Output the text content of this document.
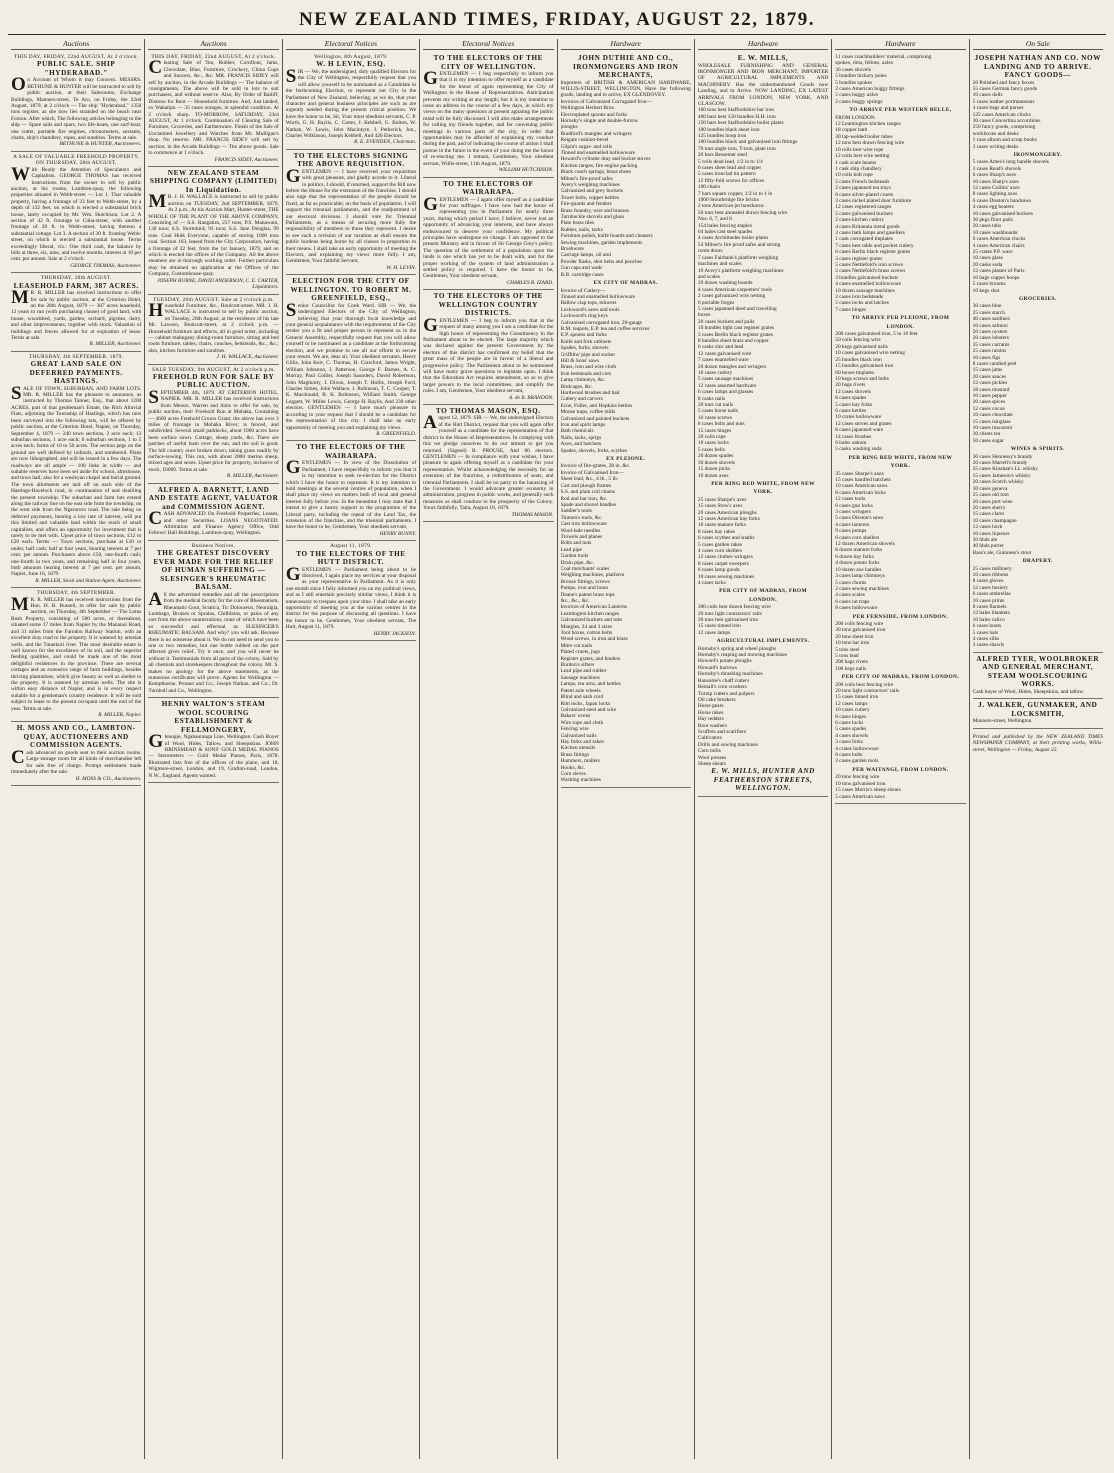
NEW ZEALAND TIMES, FRIDAY, AUGUST 22, 1879.
Auctions
THIS DAY, FRIDAY, 22nd AUGUST, At 2 o'clock.
PUBLIC SALE. SHIP "HYDERABAD."

On Account of Whom it may Concern. MESSRS. BETHUNE & HUNTER will be instructed to sell by public auction, at their Salerooms, Exchange Buildings, Manners-street, Te Aro, on Friday, the 22nd August, 1879, at 2 o'clock — The ship "Hyderabad," 1350 tons register, as she now lies stranded on the beach near Foxton. After which, The following articles belonging to the ship — Spare sails and spars, two life-boats, one surf-boat, one cutter, portable fire engines, chronometers, sextants, charts, ship's chandlery, ropes, and sundries. Terms at sale.

BETHUNE & HUNTER, Auctioneers.
A SALE OF VALUABLE FREEHOLD PROPERTY, ON THURSDAY, 28th AUGUST,

With Ready the Attention of Speculators and Capitalists. GEORGE THOMAS has received instructions from the owner to sell by public auction, at his rooms, Lambton-quay, the following properties situated in Webb-street — Lot 1. That valuable property, having a frontage of 33 feet to Webb-street, by a depth of 132 feet, on which is erected a substantial brick house, lately occupied by Mr. Wm. Hutchison. Lot 2. A section of 42 ft. frontage to Cuba-street, with another frontage of 20 ft. to Webb-street, having thereon a substantial cottage. Lot 3. A section of 30 ft. fronting Webb-street, on which is erected a substantial house. Terms exceedingly liberal, viz.: One third cash, the balance by bills at three, six, nine, and twelve months, interest at 10 per cent. per annum. Sale at 2 o'clock.

GEORGE THOMAS, Auctioneer.
THURSDAY, 28th AUGUST.
LEASEHOLD FARM, 387 ACRES.

M R. R. MILLER has received instructions to offer for sale by public auction, at the Criterion Hotel, on the 28th August, 1879 — 387 acres leasehold, 12 years to run (with purchasing clause) of good land, with house, woodshed, yards, garden, orchard, pigsties, dairy, and other improvements; together with stock. Valuation of buildings and fences allowed for at expiration of lease. Terms at sale.

R. MILLER, Auctioneer.
THURSDAY, 4th SEPTEMBER, 1879.
GREAT LAND SALE ON DEFERRED PAYMENTS. HASTINGS.

SALE OF TOWN, SUBURBAN, AND FARM LOTS. MR. R. MILLER has the pleasure to announce, as instructed by Thomas Tanner, Esq., that about 1200 ACRES, part of that gentleman's Estate, the Rich Alluvial Flats, adjoining the Township of Hastings, which has now been surveyed into the following lots, will be offered by public auction, at the Criterion Hotel, Napier, on Thursday, September 4, 1879 — 240 town sections, 2 acre each; 13 suburban sections, 1 acre each; 6 suburban sections, 1 to 5 acres each; farms of 10 to 50 acres. The section pegs on the ground are well defined by iodinols, and numbered. Plans are now lithographed, and will be issued in a few days. The roadways are all ample — 100 links in width — and suitable reserves have been set aside for school, almshouse, and town hall; also for a wesleyan chapel and burial ground. The town allotments are laid off on each side of the Hastings-Havelock road, in continuation of and doubling the present township. The suburban and farm lots extend along the railway line on the east side from the township, on the west side from the Ngaruroro road. The sale being on deferred payments, bearing a low rate of interest, will put this limited and valuable land within the reach of small capitalists, and offers an opportunity for investment that is rarely to be met with. Upset price of town sections, £12 to £20 each. Terms — Town sections, purchase at £10 or under, half cash; half at four years, bearing interest at 7 per cent. per annum. Purchasers above £50, one-fourth cash; one-fourth in two years, and remaining half in four years, both amounts bearing interest at 7 per cent. per annum. Napier, June 16, 1879.

R. MILLER, Stock and Station Agent, Auctioneer.
THURSDAY, 4th SEPTEMBER.

M R. R. MILLER has received instructions from the Hon. H. R. Russell, to offer for sale by public auction, on Thursday, 4th September — The Lotus Bush Property, consisting of 500 acres, or thereabout, situated some 17 miles from Napier by the Mananui Road, and 31 miles from the Farndon Railway Station, with an excellent dray road to the property. It is watered by artesian wells, and the Tutaekuri river. This most desirable estate is well known for the excellence of its soil, and the superior feeding qualities, and could be made one of the most delightful residences in the province. There are several cottages and an extensive range of farm buildings, besides thriving plantations, which give beauty as well as shelter to the property. It is watered by artesian wells. The site is within easy distance of Napier, and is in every respect suitable for a gentleman's country residence. It will be sold subject to lease to the present occupant until the end of the year. Terms at sale.

R. MILLER, Napier.
H. MOSS AND CO., LAMBTON-QUAY, AUCTIONEERS AND COMMISSION AGENTS.

Cash advanced on goods sent to their auction rooms. Large storage room for all kinds of merchandise left for sale free of charge. Prompt settlement made immediately after the sale.

H. MOSS & CO., Auctioneers.
Auctions
THIS DAY, FRIDAY, 22nd AUGUST, At 2 o'clock.

Clearing Sale of Tea, Rubber, Cornflour, Jams, Chocolate, Blue, Furniture, Crockery, China Cups and Saucers, &c., &c. MR. FRANCIS SIDEY will sell by auction, in the Arcade Buildings — The balance of consignments. The above will be sold in lots to suit purchasers, and without reserve. Also, By Order of Bailiff, Distress for Rent — Household furniture. And, Just landed, ex Wakatipu — 35 cases oranges, in splendid condition. At 2 o'clock sharp. TO-MORROW, SATURDAY, 23rd AUGUST, At 1 o'clock. Continuation of Clearing Sale of Furniture, Groceries, and Earthenware. Finish of the Sale of Unclaimed Jewellery and Watches from Mr. Mulligan's shop. No reserve. MR. FRANCIS SIDEY will sell by auction, in the Arcade Buildings — The above goods. Sale to commence at 1 o'clock.

FRANCIS SIDEY, Auctioneer.
NEW ZEALAND STEAM SHIPPING COMPANY (LIMITED) In Liquidation.

M R. J. H. WALLACE is instructed to sell by public auction on TUESDAY, 2nd SEPTEMBER, 1879, At 2 p.m., At his Auction Mart, Hunter-street, THE WHOLE OF THE PLANT OF THE ABOVE COMPANY, Consisting of — S.S. Rangatira, 237 tons; P.S. Manawatu, 130 tons; S.S. Stormbird, 93 tons; S.S. Jane Douglas, 99 tons. Coal Hulk Everyone, capable of storing 1000 tons coal. Section 163, leased from the City Corporation, having a frontage of 22 feet, from the 1st January, 1879, and on which is erected the offices of the Company. All the above steamers are in thorough working order. Further particulars may be obtained on application at the Offices of the Company, Customhouse-quay.

JOSEPH BURNE, DAVID ANDERSON, C. E. CARTER, Liquidators.
TUESDAY, 26th AUGUST. Sale at 2 o'clock p.m.

Household Furniture, &c., Boulcott-street. MR. J. H. WALLACE is instructed to sell by public auction, on Tuesday, 26th August, at the residence of his late Mr. Lawson, Boulcott-street, at 2 o'clock p.m. — Household furniture and effects, all in good order, including — cabinet mahogany dining-room furniture, sitting and bed room furniture, tables, chairs, couches, bedsteads, &c., &c.; also, kitchen furniture and sundries.

J. H. WALLACE, Auctioneer.
SALE TUESDAY, 9th AUGUST, At 2 o'clock p.m.
FREEHOLD RUN FOR SALE BY PUBLIC AUCTION.

SEPTEMBER 4th, 1879. AT CRITERION HOTEL, NAPIER. MR. R. MILLER has received instructions from Messrs. Warren and Sims to offer for sale, by public auction, their Freehold Run at Mohaka, Containing — 4600 acres Freehold Crown Grant; the above has over 3 miles of frontage to Mohaka River; is fenced, and subdivided. Several small paddocks, about 1000 acres have been surface sown. Cottage, sheep yards, &c. There are patches of useful bush over the run, and the soil is good. The hill country once broken down, taking grass readily by surface-sowing. This run, with about 2000 merino sheep, mixed ages and sexes. Upset price for property, inclusive of stock, £6000. Terms at sale.

R. MILLER, Auctioneer.
ALFRED A. BARNETT, LAND AND ESTATE AGENT, VALUATOR and COMMISSION AGENT.

CASH ADVANCED On Freehold Properties, Leases, and other Securities. LOANS NEGOTIATED. Arbitration and Finance Agency Office, Odd Fellows' Hall Buildings, Lambton-quay, Wellington.

Business Notices.
THE GREATEST DISCOVERY EVER MADE FOR THE RELIEF OF HUMAN SUFFERING — SLESINGER'S RHEUMATIC BALSAM.

All the advertised remedies and all the prescriptions from the medical faculty for the cure of Rheumatism, Rheumatic Gout, Sciatica, Tic Doloureux, Neuralgia, Lumbago, Bruises or Sprains, Chilblains, or pains of any sort from the above enumerations, none of which have been so successful and effectual as SLESINGER'S RHEUMATIC BALSAM. And why? you will ask. Because there is no nonsense about it. We do not need to send you to one or two remedies, but one bottle rubbed on the part affected gives relief. Try it once, and you will never be without it. Testimonials from all parts of the colony. Sold by all chemists and storekeepers throughout the colony. Mr. S. makes no apology for the above statements, as the numerous certificates will prove. Agents for Wellington — Kempthorne, Prosser and Co.; Joseph Nathan, and Co.; Dr. Turnbull and Co., Wellington.

HENRY WALTON'S STEAM WOOL SCOURING ESTABLISHMENT & FELLMONGERY,

Glenogie, Ngahauranga Line, Wellington. Cash Buyer of Wool, Hides, Tallow, and Sheepskins. JOHN BRINSMEAD & SONS' GOLD MEDAL PIANOS — Sterometers — Gold Medal Pianos, Paris, 1878. Illustrated lists free of the offices of the piano, and 18, Wigmore-street, London, and 19, Grafton-road, London, N.W., England. Agents wanted.

Electoral Notices
Wellington, 8th August, 1879.
W. H LEVIN, ESQ.

SIR — We, the undersigned, duly qualified Electors for the City of Wellington, respectfully request that you will allow yourself to be nominated as a Candidate in the forthcoming Election, to represent our City in the Parliament of New Zealand, believing, as we do, that your character and general business principles are such as are urgently needed during the present critical position. We have the honor to be, Sir, Your most obedient servants, C. P. Worth, G. H. Baylis, C. Carter, J. Kebbell, G. Bolton, W. Nathan, W. Lewis, John Macintyre, J. Petherick, Jun., Charles Wilkinson, Joseph Kebbell, And 426 Electors.

B. E. EVENDEN, Chairman.
TO THE ELECTORS SIGNING THE ABOVE REQUISITION.

GENTLEMEN — I have received your requisition with great pleasure, and gladly accede to it. Liberal in politics, I should, if returned, support the Bill now before the House for the extension of the franchise. I should also urge that the representation of the people should be fixed, as far as practicable, on the basis of population. I will support the triennial parliaments, and the readjustment of our electoral divisions. I should vote for Triennial Parliaments, as a means of securing more fully the responsibility of members to those they represent. I desire to see such a revision of our taxation as shall ensure the public burdens being borne by all classes in proportion to their means. I shall take an early opportunity of meeting the Electors, and explaining my views more fully. I am, Gentlemen, Your faithful Servant,

W. H. LEVIN.
ELECTION FOR THE CITY OF WELLINGTON. TO ROBERT M. GREENFIELD, ESQ.,

Senior Councillor for Cook Ward. SIR — We, the undersigned Electors of the City of Wellington, believing that your thorough local knowledge and your general acquaintance with the requirements of the City render you a fit and proper person to represent us in the General Assembly, respectfully request that you will allow yourself to be nominated as a candidate at the forthcoming election, and we promise to use all our efforts to secure your return. We are, dear sir, Your obedient servants, Henry Gillis, John Kerr, C. Thomas, H. Crawford, James Wright, William Johnston, J. Patterson, George F. Barnes, A. C. Murray, Paul Collier, Joseph Saunders, David Robertson, John Maginnity, J. Dixon, Joseph T. Hollis, Joseph Ford, Charles Simes, John Wallace, J. Robinson, T. C. Cooper, T. K. Macdonald, R. K. Robinson, William Smith, George Leggett, W. Miller Lewis, George H. Baylis, And 230 other electors. GENTLEMEN — I have much pleasure in according to your request that I should be a candidate for the representation of this city. I shall take an early opportunity of meeting you and explaining my views.

R. GREENFIELD.
TO THE ELECTORS OF THE WAIRARAPA.

GENTLEMEN — In view of the Dissolution of Parliament, I have respectfully to inform you that it is my intention to seek re-election for the District which I have the honor to represent. It is my intention to hold meetings at the several centres of population, when I shall place my views on matters both of local and general interest fully before you. In the meantime I may state that I intend to give a hearty support to the programme of the Liberal party, including the repeal of the Land Tax, the extension of the franchise, and the triennial parliaments. I have the honor to be, Gentlemen, Your obedient servant,

HENRY BUNNY.
August 11, 1879.
TO THE ELECTORS OF THE HUTT DISTRICT.

GENTLEMEN — Parliament being about to be dissolved, I again place my services at your disposal as your representative in Parliament. As it is only one month since I fully informed you on my political views, and as I still entertain precisely similar views, I think it is unnecessary to trespass upon your time. I shall take an early opportunity of meeting you at the various centres in the district for the purpose of discussing all questions. I have the honor to be, Gentlemen, Your obedient servant, The Hutt, August 11, 1879.

HENRY JACKSON.
Electoral Notices
TO THE ELECTORS OF THE CITY OF WELLINGTON.

GENTLEMEN — I beg respectfully to inform you that it is my intention to offer myself as a candidate for the honor of again representing the City of Wellington in the House of Representatives. Anticipation prevents my writing at any length; but it is my intention to issue an address in the course of a few days, in which my views on the many questions at present agitating the public mind will be fully discussed. I will also make arrangements for calling my friends together, and for convening public meetings in various parts of the city, in order that opportunities may be afforded of explaining my conduct during the past, and of indicating the course of action I shall pursue in the future in the event of your doing me the honor of re-electing me. I remain, Gentlemen, Your obedient servant, Willis-street, 11th August, 1879.

WILLIAM HUTCHISON.
TO THE ELECTORS OF WAIRARAPA.

GENTLEMEN — I again offer myself as a candidate for your suffrages. I have now had the honor of representing you in Parliament for nearly three years, during which period I have, I believe, never lost an opportunity of advancing your interests, and have always endeavoured to deserve your confidence. My political principles have undergone no change. I am opposed to the present Ministry and in favour of Sir George Grey's policy. The question of the settlement of a population upon the lands is one which has yet to be dealt with, and for the proper working of the system of land administration a settled policy is required. I have the honor to be, Gentlemen, Your obedient servant,

CHARLES R. IZARD.
TO THE ELECTORS OF THE WELLINGTON COUNTRY DISTRICTS.

GENTLEMEN — I beg to inform you that at the request of many among you I am a candidate for the high honor of representing the Constituency in the Parliament about to be elected. The large majority which was declared against the present Government by the electors of this district has confirmed my belief that the great mass of the people are in favour of a liberal and progressive policy. The Parliament about to be summoned will have many grave questions to legislate upon. I think that the Education Act requires amendment, so as to give larger powers to the local committees, and simplify the rules. I am, Gentlemen, Your obedient servant,

A. de B. BRANDON.
TO THOMAS MASON, ESQ.

August 12, 1879. SIR — We, the undersigned Electors of the Hutt District, request that you will again offer yourself as a candidate for the representation of that district in the House of Representatives. In complying with this we pledge ourselves to do our utmost to get you returned. (Signed) R. PROUSE, And 80 electors. GENTLEMEN — In compliance with your wishes, I have pleasure in again offering myself as a candidate for your representation. Whilst acknowledging the necessity for an extension of the franchise, a redistribution of seats, and triennial Parliaments, I shall be no party to the harassing of the Government. I would advocate greater economy in administration, progress in public works, and generally such measures as shall conduce to the prosperity of the Colony. Yours faithfully, Taita, August 18, 1879.

THOMAS MASON.
Hardware
JOHN DUTHIE AND CO., IRONMONGERS AND IRON MERCHANTS,

Importers of BRITISH & AMERICAN HARDWARE, WILLIS-STREET, WELLINGTON, Have the following goods, landing and to arrive, EX GLENDOVEY.

Invoices of Galvanized Corrugated Iron—
Wellington Herbert Bros.
Electroplated spoons and forks
Hornsby's single and double-furrow
ploughs
Bradford's mangles and wringers
Reigate cushion-bevel
Gilpin's sugar- and rolls
Tinned and enamelled hollowware
Howard's cylinder dray and bucket stoves
Kitchen ranges, fire engine packing
Black coach springs, brass shoes
Milner's fire-proof safes
Avery's weighing machines
Galvanized and grey buckets
Tower bolts, copper kettles
Fire-guards and fenders
Brass foundry, wire and brasses
Turnbuckle shovels and glass
Plate brass tiles
Rubber, nails, tacks
Furniture polish, knife boards and cleaners
Sewing machines, garden implements
Brushware
Carriage lamps, oil and
Powder flasks, shot belts and pouches
Gun caps and wads
B.B. cartridge cases
EX CITY OF MADRAS.
Invoice of Cutlery—
Tinned and enamelled hollowware
Ballow clap tops, mincers
Lockwood's saws and tools
Lockwood's ring keys
Galvanised corrugated iron, 26-gauge
B.M. teapots, E.P. tea and coffee services
E.P. spoons and forks
Knife and fork cabinets
Spades, forks, shovels
Griffiths' pipe and socket
Hill & Sons' saws
Brass, iron and wire cloth
Iron bedsteads and cots
Lamp chimneys, &c.
Birdcages, &c.
Hardwood brushes and hair
Cutlery and carvers
Ecoe, Fuller, and Hopkins kettles
Mouse traps, coffee mills
Galvanized and painted buckets
Iron and spirit lamps
Bath chemicals
Nails, tacks, sprigs
Axes, and hatchets
Spades, shovels, forks, scythes
EX PLEIONE.
Invoice of fire-grates, 28 in. &c.
Invoice of Galvanised Iron—
Sheet lead, &c., 4 lb., 5 lb.
Cart and plough frames
S.S. and plain coil chains
Rod and bar iron, &c.
Spade and shovel handles
Saddler's tools
Tinmen's tools, &c.
Cast iron hollowware
Wool-bale needles
Trowels and planes
Bolts and nuts
Lead pipe
Garden tools
Drain pipe, &c.
Coal merchants' scales
Weighing machines, platform
Bronze fittings, screws
Pumps, iron and brass
Deane's patent brass tops
&c., &c., &c.
Invoices of American Lanterns
Leamington kitchen ranges
Galvanized buckets and tubs
Mangles, 24 and 3 sizes
Tool boxes, cotton bolts
Wood screws, in iron and brass
Mitre cut nails
Plated cruets, jugs
Register grates, and fenders
Burdon's sifters
Lead pipe and rubber
Sausage machines
Lamps, tea urns, and kettles
Patent axle wheels
Blind and sash cord
Rim locks, Japan locks
Galvanized steel and wire
Bakers' ovens
Wire rope and cloth
Fencing wire
Galvanized nails
Hay forks and rakes
Kitchen utensils
Brass fittings
Hammers, mallets
Hooks, &c.
Corn sieves
Washing machines
Hardware
E. W. MILLS,

WHOLESALE FURNISHING AND GENERAL IRONMONGER AND IRON MERCHANT, IMPORTER OF AGRICULTURAL IMPLEMENTS AND MACHINERY. Has the undermentioned Goods now Landing, and to Arrive. NOW LANDING, EX LATEST ARRIVALS FROM LONDON, NEW YORK, AND GLASGOW.

160 tons best Staffordshire bar iron
400 bars best 150 bundles H.H. iron
150 bars best Staffordshire boiler plates
100 bundles black sheet iron
125 bundles hoop iron
100 bundles black and galvanised iron fittings
70 tons angle iron, T-iron, plate iron
20 bars Bessemer steel
5 coils dead lead, 1/2 in to 1/4
6 cases sheet lead and copper
5 cases ironclad tin pattern
12 fifty-fold screws for offices
100 chairs
7 bars square copper, 1/2 in to 1 in
1000 Stourbridge fire bricks
2 tons American jet hawthorns
50 tons best annealed drawn fencing wire
Nos. 6, 7, and 8
154 bales fencing staples
64 bales cast steel spades
4 cases Archimedes boiler plates
54 Milner's fire proof safes and strong
room doors
7 cases Fairbank's platform weighing
machines and scales
10 Avery's platform weighing machines
and scales
20 dozen washing boards
4 cases American carpenters' tools
2 cases galvanized wire netting
6 portable forges
5 cases japanned deed and travelling
boxes
20 cases buckets and pails
10 bundles light cast register grates
3 cases Berlin black register grates
8 bundles sheet brass and copper
6 casks zinc and lead
12 cases galvanised wire
7 cases enamelled ware
20 dozen mangles and wringers
10 cases cutlery
5 cases sausage machines
12 cases assorted hardware
6 cases lamps and glasses
8 casks nails
20 tons cut nails
5 cases horse nails
10 cases screws
8 cases bolts and nuts
15 cases hinges
20 coils rope
10 cases locks
5 cases bells
20 dozen spades
30 dozen shovels
15 dozen picks
10 dozen axes
PER RING RED WHITE, FROM NEW
YORK.
25 cases Sharpe's axes
15 cases Stow's axes
20 cases American ploughs
12 cases American hay forks
10 cases manure forks
8 cases hay rakes
6 cases scythes and snaths
5 cases garden rakes
4 cases corn shellers
12 cases clothes wringers
8 cases carpet sweepers
6 cases lamp goods
10 cases sewing machines
4 cases tacks
PER CITY OF MADRAS, FROM
LONDON.
300 coils best drawn fencing wire
20 tons light contractors' rails
30 tons best galvanised iron
15 cases tinned iron
12 cases lamps
AGRICULTURAL IMPLEMENTS.
Hornsby's spring and wheel ploughs
Hornsby's reaping and mowing machines
Howard's potato ploughs
Howard's harrows
Hornsby's thrashing machines
Ransome's chaff cutters
Bentall's corn crushers
Turnip cutters and pulpers
Oil cake breakers
Horse gears
Horse rakes
Hay tedders
Root washers
Scuffers and scarifiers
Cultivators
Drills and sowing machines
Corn mills
Wool presses
Sheep shears
E. W. MILLS, HUNTER AND FEATHERSTON STREETS, WELLINGTON.
Hardware
11 cases coachbuilders' material, comprising
spokes, rims, felloes, axles
36 cases shovels
5 bundles hickory poles
5 bundles spokes
2 cases American buggy fittings
5 cases buggy axles
2 cases buggy springs
TO ARRIVE PER WESTERN BELLE,
FROM LONDON.
12 Leamington kitchen ranges
18 copper bath
30 lap-welded boiler tubes
12 tons best drawn fencing wire
10 rolls best wire rope
12 coils best wire netting
1 cask scale beams
1 cask ship chandlery
10 coils bolt rope
5 cases French bedsteads
2 cases japanned tea trays
6 cases silver-plated cruets
3 cases nickel plated door furniture
12 cases registered ranges
5 cases galvanised buckets
2 cases kitchen cutlery
4 cases Britannia metal goods
3 cases bath lamps and gaseliers
1 cask corrugated tinplates
7 cases best table and pocket cutlery
6 cases Berlin black register grates
3 cases register grates
5 cases Nettlefold's iron screws
2 cases Nettlefold's brass screws
3 bundles galvanised buckets
4 cases enamelled hollowware
10 dozen sausage machines
2 cases iron bedsteads
5 cases locks and latches
7 cases hinges
TO ARRIVE PER PLEIONE, FROM
LONDON.
200 cases galvanised iron, 5 to 10 feet
50 coils fencing wire
20 kegs galvanised nails
10 cases galvanised wire netting
25 bundles black iron
15 bundles galvanised iron
60 boxes tinplates
10 kegs screws and bolts
20 bags rivets
12 cases shovels
8 cases spades
5 cases hay forks
6 cases kettles
10 crates hollowware
12 cases stoves and grates
8 cases japanned ware
14 cases brushes
6 bales oakum
5 casks washing soda
PER RING RED WHITE, FROM NEW
YORK.
35 cases Sharpe's axes
15 cases handled hatchets
10 cases American saws
8 cases American locks
12 cases tools
6 cases gun locks
3 cases wringers
5 cases Disston's saws
4 cases lanterns
9 cases pumps
6 cases corn shellers
12 dozen American shovels
8 dozen manure forks
6 dozen hay forks
4 dozen potato forks
10 dozen axe handles
3 cases lamp chimneys
5 cases churns
2 cases sewing machines
4 cases scales
6 cases rat traps
8 cases hollowware
PER FERNSIDE, FROM LONDON.
200 coils fencing wire
30 tons galvanised iron
20 tons sheet iron
10 tons bar iron
5 tons steel
5 tons lead
200 bags rivets
100 kegs nails
PER CITY OF MADRAS, FROM LONDON.
200 coils best fencing wire
20 tons light contractors' rails
15 cases tinned iron
12 cases lamps
10 cases cutlery
8 cases hinges
6 cases locks
5 cases spades
4 cases shovels
3 cases forks
4 crates hollowware
6 cases bolts
3 cases garden tools
PER WAITANGI, FROM LONDON.
20 tons fencing wire
10 tons galvanised iron
15 cases Morris's sheep shears
5 cases American saws
On Sale
JOSEPH NATHAN AND CO. NOW LANDING AND TO ARRIVE. FANCY GOODS—
20 Polished and fancy boxes
55 cases German fancy goods
10 cases dolls
5 cases leather portmanteaus
4 cases bags and purses
125 cases American clocks
30 cases Concertina accordions
250 fancy goods, comprising
workboxes and desks
1 case album and scrap books
3 cases writing desks
IRONMONGERY.
5 cases Ames's long handle shovels
3 cases Read's shovels
6 cases Sharp's axes
10 cases Sharp's axes
12 cases Collins' axes
8 cases lighting axes
6 cases Disston's handsaws
4 cases egg beaters
10 cases galvanised buckets
30 pkgs floor pails
20 cases tubs
10 cases washboards
6 cases American clocks
4 cases American chairs
25 crates P.P. ware
10 cases glass
20 casks soda
12 cases plaster of Paris
10 bags copper hoops
5 cases brooms
10 kegs shot
GROCERIES.
30 cases blue
25 cases starch
40 cases sardines
10 cases salmon
50 cases oysters
20 cases lobsters
35 cases currants
25 cases raisins
10 cases figs
8 cases candied peel
15 cases jams
20 cases sauces
12 cases pickles
18 cases mustard
10 cases pepper
20 cases spices
12 cases cocoa
10 cases chocolate
15 cases isinglass
10 cases macaroni
30 chests tea
50 cases sugar
WINES & SPIRITS.
30 cases Hennessy's brandy
20 cases Martell's brandy
25 cases Kinahan's LL whisky
15 cases Jameson's whisky
20 cases Scotch whisky
30 cases geneva
25 cases old tom
20 cases port wine
20 cases sherry
15 cases claret
10 cases champagne
12 cases hock
10 cases liqueurs
30 hhds ale
40 hhds porter
Bass's ale, Guinness's stout
DRAPERY.
25 cases millinery
10 cases ribbons
8 cases gloves
12 cases hosiery
6 cases umbrellas
10 cases prints
8 cases flannels
12 bales blankets
10 bales calico
6 cases boots
5 cases hats
4 cases silks
3 cases shawls
ALFRED TYER, WOOLBROKER AND GENERAL MERCHANT, STEAM WOOLSCOURING WORKS.

Cash buyer of Wool, Hides, Sheepskins, and tallow.

J. WALKER, GUNMAKER, AND LOCKSMITH,

Manners-street, Wellington.

Printed and published by the NEW ZEALAND TIMES NEWSPAPER COMPANY, at their printing works, Willis-street, Wellington — Friday, August 22.
